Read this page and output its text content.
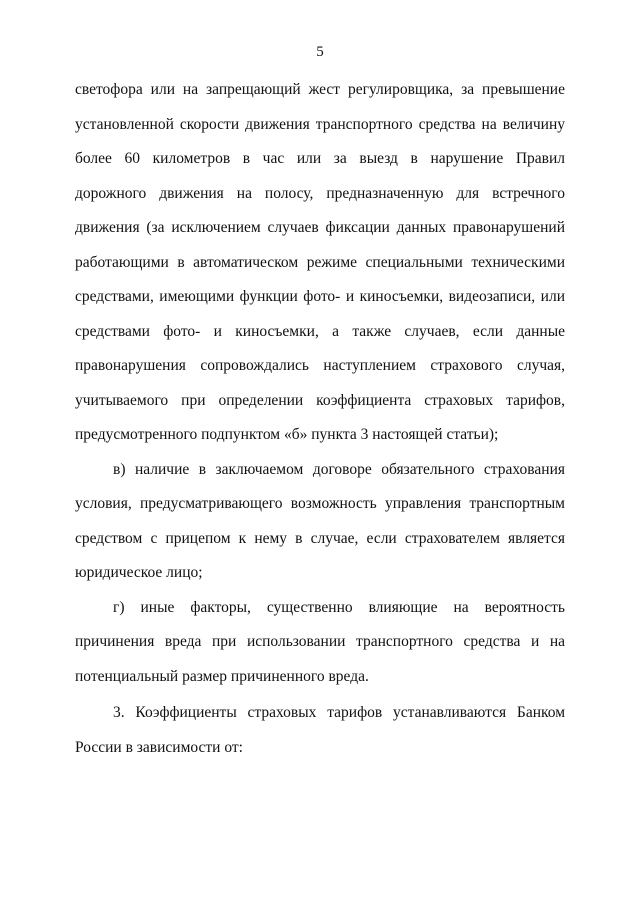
5
светофора или на запрещающий жест регулировщика, за превышение
установленной скорости движения транспортного средства на величину
более 60 километров в час или за выезд в нарушение Правил
дорожного движения на полосу, предназначенную для встречного
движения (за исключением случаев фиксации данных правонарушений
работающими в автоматическом режиме специальными техническими
средствами, имеющими функции фото- и киносъемки, видеозаписи, или
средствами фото- и киносъемки, а также случаев, если данные
правонарушения сопровождались наступлением страхового случая,
учитываемого при определении коэффициента страховых тарифов,
предусмотренного подпунктом «б» пункта 3 настоящей статьи);
в) наличие в заключаемом договоре обязательного страхования
условия, предусматривающего возможность управления транспортным
средством с прицепом к нему в случае, если страхователем является
юридическое лицо;
г) иные факторы, существенно влияющие на вероятность
причинения вреда при использовании транспортного средства и на
потенциальный размер причиненного вреда.
3. Коэффициенты страховых тарифов устанавливаются Банком
России в зависимости от:
